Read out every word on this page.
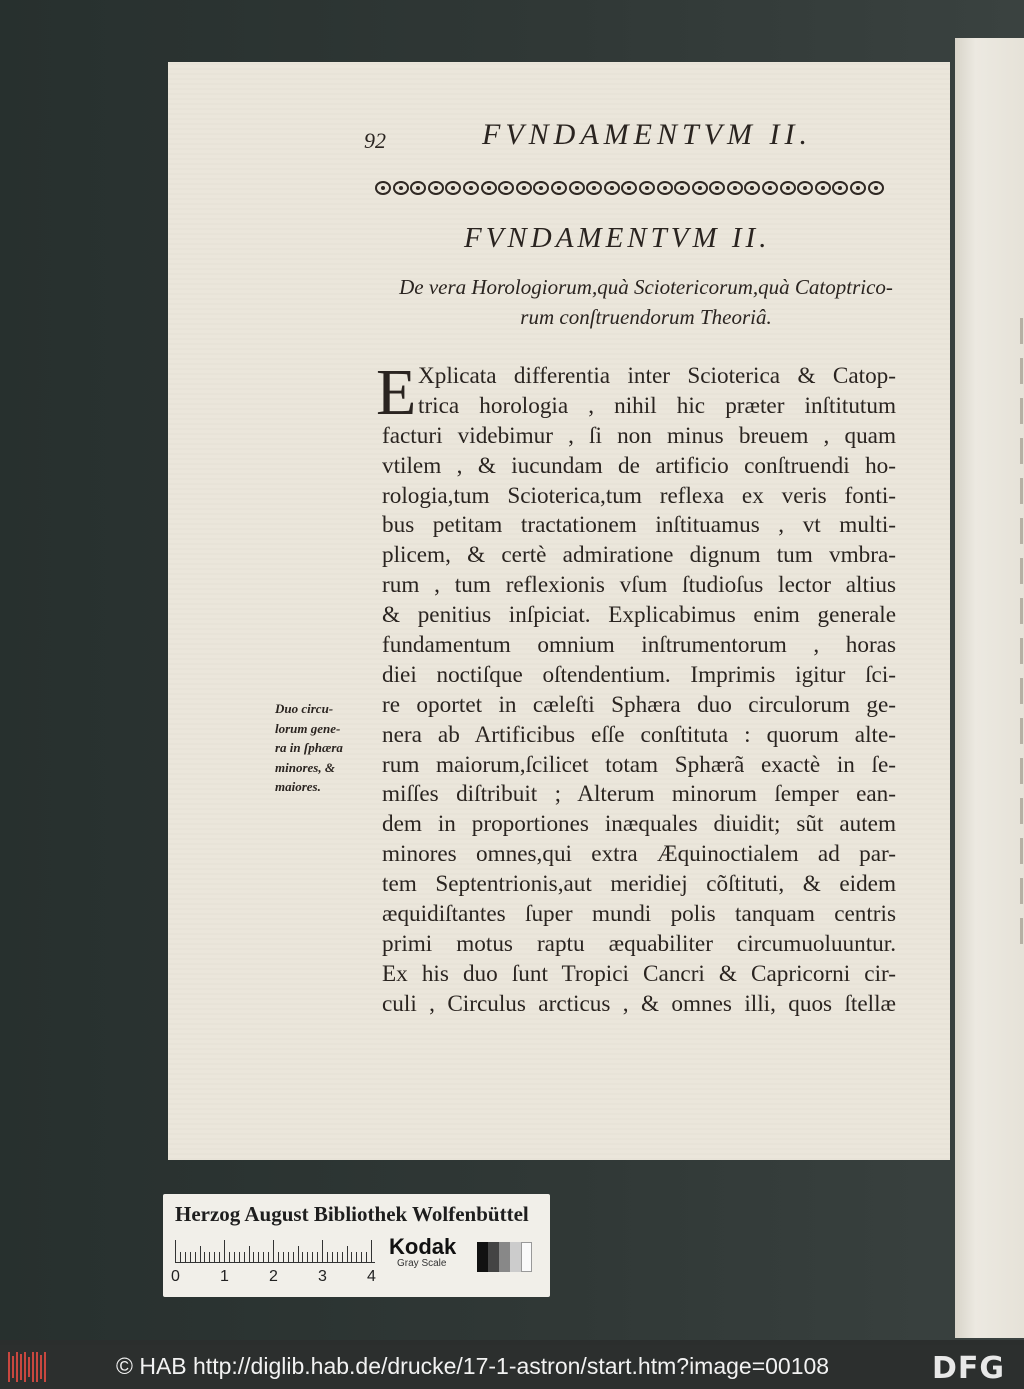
92	FVNDAMENTVM II.
FVNDAMENTVM II.
De vera Horologiorum,quà Sciotericorum,quà Catoptrico-
rum conſtruendorum Theoriâ.
E Xplicata differentia inter Scioterica & Catop-
trica horologia , nihil hic præter inſtitutum
facturi videbimur , ſi non minus breuem , quam
vtilem , & iucundam de artificio conſtruendi ho-
rologia,tum Scioterica,tum reflexa ex veris fonti-
bus petitam tractationem inſtituamus , vt multi-
plicem, & certè admiratione dignum tum vmbra-
rum , tum reflexionis vſum ſtudioſus lector altius
& penitius inſpiciat. Explicabimus enim generale
fundamentum omnium inſtrumentorum , horas
diei noctiſque oſtendentium. Imprimis igitur ſci-
re oportet in cæleſti Sphæra duo circulorum ge-
nera ab Artificibus eſſe conſtituta : quorum alte-
rum maiorum,ſcilicet totam Sphærã exactè in ſe-
miſſes diſtribuit ; Alterum minorum ſemper ean-
dem in proportiones inæquales diuidit; sũt autem
minores omnes,qui extra Æquinoctialem ad par-
tem Septentrionis,aut meridiej cõſtituti, & eidem
æquidiſtantes ſuper mundi polis tanquam centris
primi motus raptu æquabiliter circumuoluuntur.
Ex his duo ſunt Tropici Cancri & Capricorni cir-
culi , Circulus arcticus , & omnes illi, quos ſtellæ
Duo circu-
lorum gene-
ra in ſphæra
minores, &
maiores.
Herzog August Bibliothek Wolfenbüttel
0	1	2	3	4
Kodak
Gray Scale
© HAB http://diglib.hab.de/drucke/17-1-astron/start.htm?image=00108	DFG
